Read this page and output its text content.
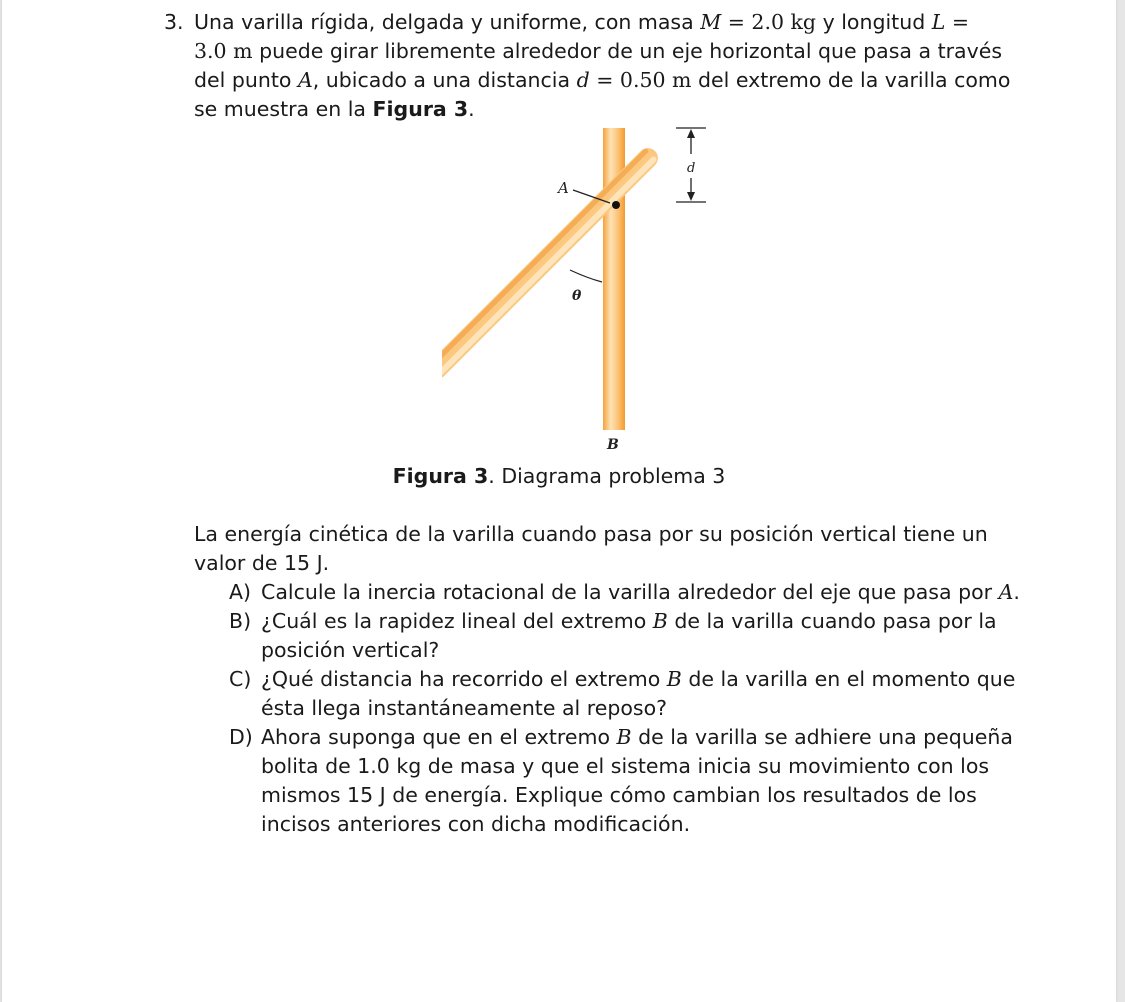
3. Una varilla rígida, delgada y uniforme, con masa M = 2.0 kg y longitud L =
3.0 m puede girar libremente alrededor de un eje horizontal que pasa a través
del punto A, ubicado a una distancia d = 0.50 m del extremo de la varilla como
se muestra en la Figura 3.
A
θ
B
d
Figura 3. Diagrama problema 3
La energía cinética de la varilla cuando pasa por su posición vertical tiene un
valor de 15 J.
A) Calcule la inercia rotacional de la varilla alrededor del eje que pasa por A.
B) ¿Cuál es la rapidez lineal del extremo B de la varilla cuando pasa por la
posición vertical?
C) ¿Qué distancia ha recorrido el extremo B de la varilla en el momento que
ésta llega instantáneamente al reposo?
D) Ahora suponga que en el extremo B de la varilla se adhiere una pequeña
bolita de 1.0 kg de masa y que el sistema inicia su movimiento con los
mismos 15 J de energía. Explique cómo cambian los resultados de los
incisos anteriores con dicha modificación.
